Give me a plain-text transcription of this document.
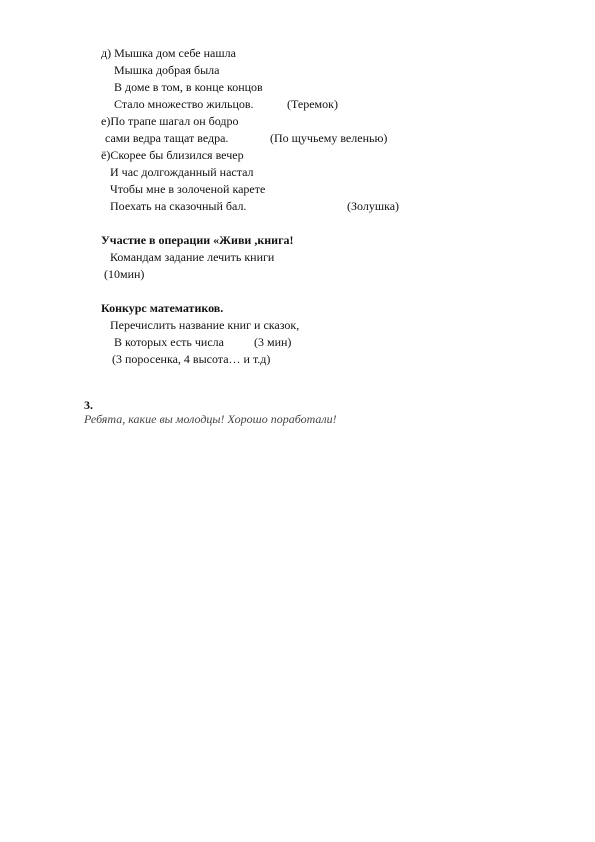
д) Мышка дом себе нашла
Мышка добрая была
В доме в том, в конце концов
Стало множество жильцов.	(Теремок)
е)По трапе шагал он бодро
сами ведра тащат ведра.	(По щучьему веленью)
ё)Скорее бы близился вечер
И час долгожданный настал
Чтобы мне в золоченой карете
Поехать на сказочный бал.	(Золушка)
Участие в операции «Живи ,книга!
Командам задание лечить книги
(10мин)
Конкурс математиков.
Перечислить название книг и сказок,
В которых есть числа	(3 мин)
(3 поросенка, 4 высота… и т.д)

3.
Ребята, какие вы молодцы! Хорошо поработали!
